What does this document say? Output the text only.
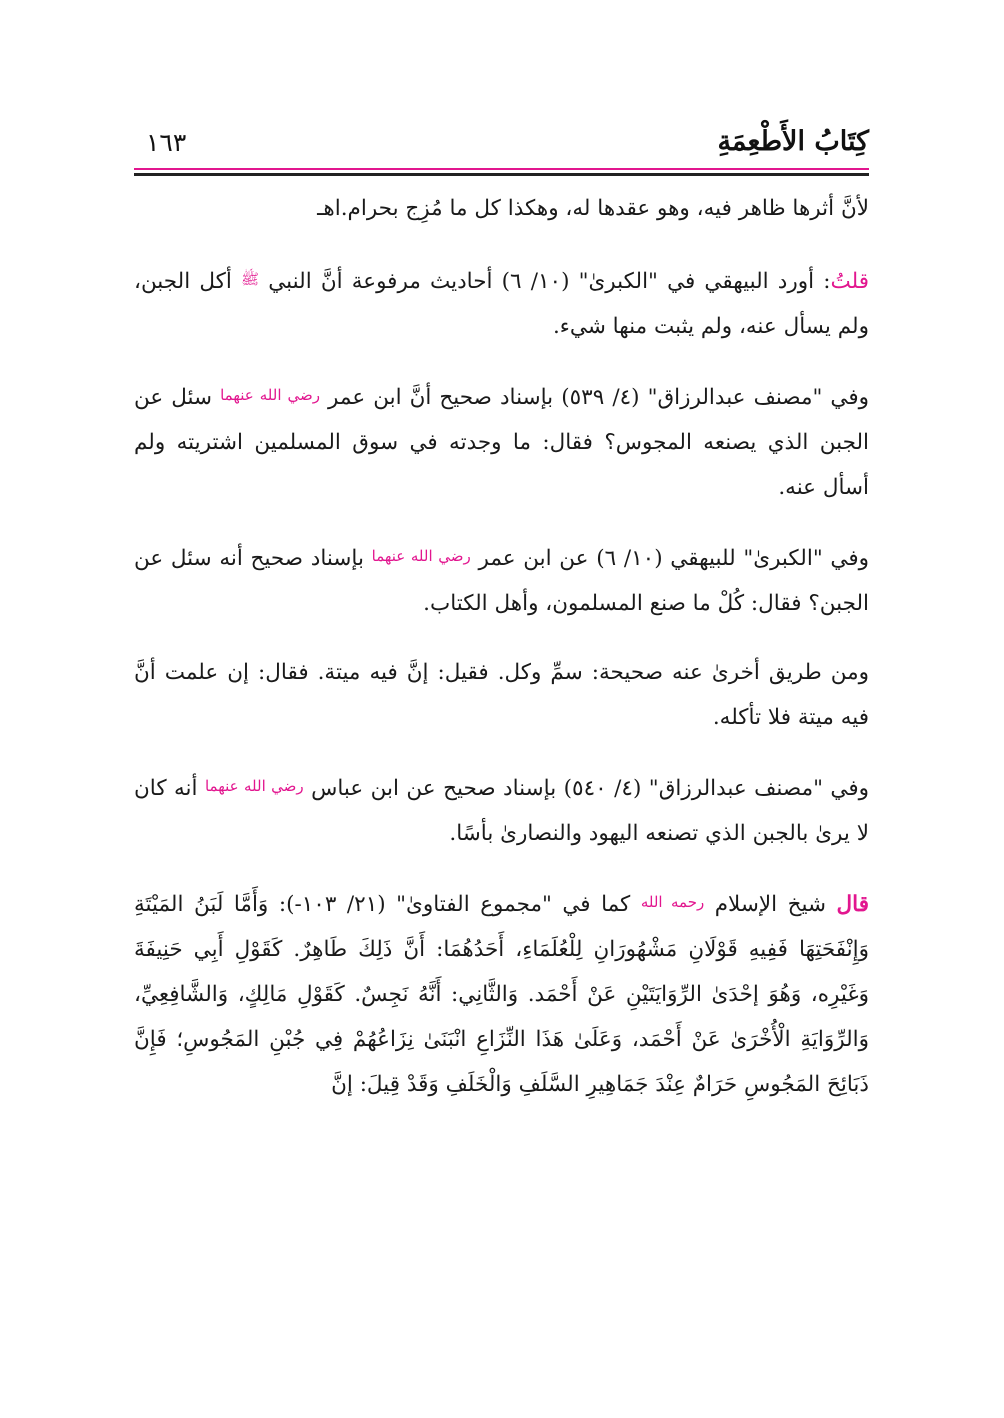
كِتَابُ الأَطْعِمَةِ
١٦٣

لأنَّ أثرها ظاهر فيه، وهو عقدها له، وهكذا كل ما مُزِج بحرام.اهـ

قلتُ: أورد البيهقي في "الكبرىٰ" (١٠/ ٦) أحاديث مرفوعة أنَّ النبي ﷺ أكل الجبن، ولم يسأل عنه، ولم يثبت منها شيء.

وفي "مصنف عبدالرزاق" (٤/ ٥٣٩) بإسناد صحيح أنَّ ابن عمر رضي الله عنهما سئل عن الجبن الذي يصنعه المجوس؟ فقال: ما وجدته في سوق المسلمين اشتريته ولم أسأل عنه.

وفي "الكبرىٰ" للبيهقي (١٠/ ٦) عن ابن عمر رضي الله عنهما بإسناد صحيح أنه سئل عن الجبن؟ فقال: كُلْ ما صنع المسلمون، وأهل الكتاب.

ومن طريق أخرىٰ عنه صحيحة: سمِّ وكل. فقيل: إنَّ فيه ميتة. فقال: إن علمت أنَّ فيه ميتة فلا تأكله.

وفي "مصنف عبدالرزاق" (٤/ ٥٤٠) بإسناد صحيح عن ابن عباس رضي الله عنهما أنه كان لا يرىٰ بالجبن الذي تصنعه اليهود والنصارىٰ بأسًا.

قال شيخ الإسلام رحمه الله كما في "مجموع الفتاوىٰ" (٢١/ ١٠٣-): وَأَمَّا لَبَنُ المَيْتَةِ وَإِنْفَحَتِهَا فَفِيهِ قَوْلَانِ مَشْهُورَانِ لِلْعُلَمَاءِ، أَحَدُهُمَا: أَنَّ ذَلِكَ طَاهِرٌ. كَقَوْلِ أَبِي حَنِيفَةَ وَغَيْرِه، وَهُوَ إحْدَىٰ الرِّوَايَتَيْنِ عَنْ أَحْمَد. وَالثَّانِي: أَنَّهُ نَجِسٌ. كَقَوْلِ مَالِكٍ، وَالشَّافِعِيِّ، وَالرِّوَايَةِ الْأُخْرَىٰ عَنْ أَحْمَد، وَعَلَىٰ هَذَا النِّزَاعِ انْبَنَىٰ نِزَاعُهُمْ فِي جُبْنِ المَجُوسِ؛ فَإِنَّ ذَبَائِحَ المَجُوسِ حَرَامٌ عِنْدَ جَمَاهِيرِ السَّلَفِ وَالْخَلَفِ وَقَدْ قِيلَ: إنَّ
